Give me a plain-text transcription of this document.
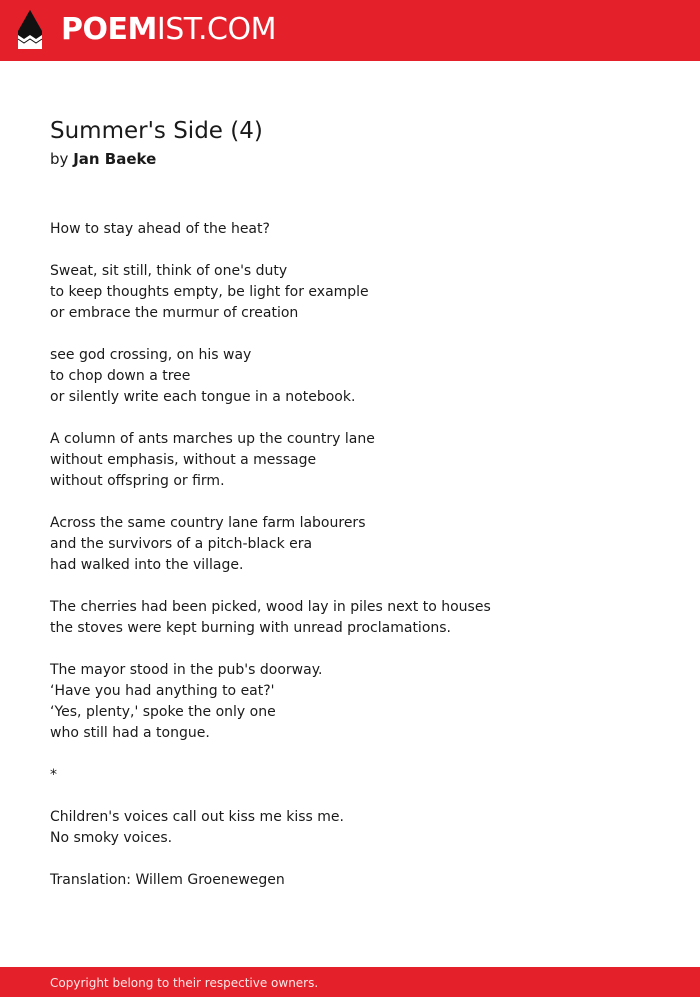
POEMIST.COM
Summer's Side (4)
by Jan Baeke
How to stay ahead of the heat?
Sweat, sit still, think of one's duty
to keep thoughts empty, be light for example
or embrace the murmur of creation
see god crossing, on his way
to chop down a tree
or silently write each tongue in a notebook.
A column of ants marches up the country lane
without emphasis, without a message
without offspring or firm.
Across the same country lane farm labourers
and the survivors of a pitch-black era
had walked into the village.
The cherries had been picked, wood lay in piles next to houses
the stoves were kept burning with unread proclamations.
The mayor stood in the pub's doorway.
‘Have you had anything to eat?'
‘Yes, plenty,' spoke the only one
who still had a tongue.
*
Children's voices call out kiss me kiss me.
No smoky voices.
Translation: Willem Groenewegen
Copyright belong to their respective owners.
